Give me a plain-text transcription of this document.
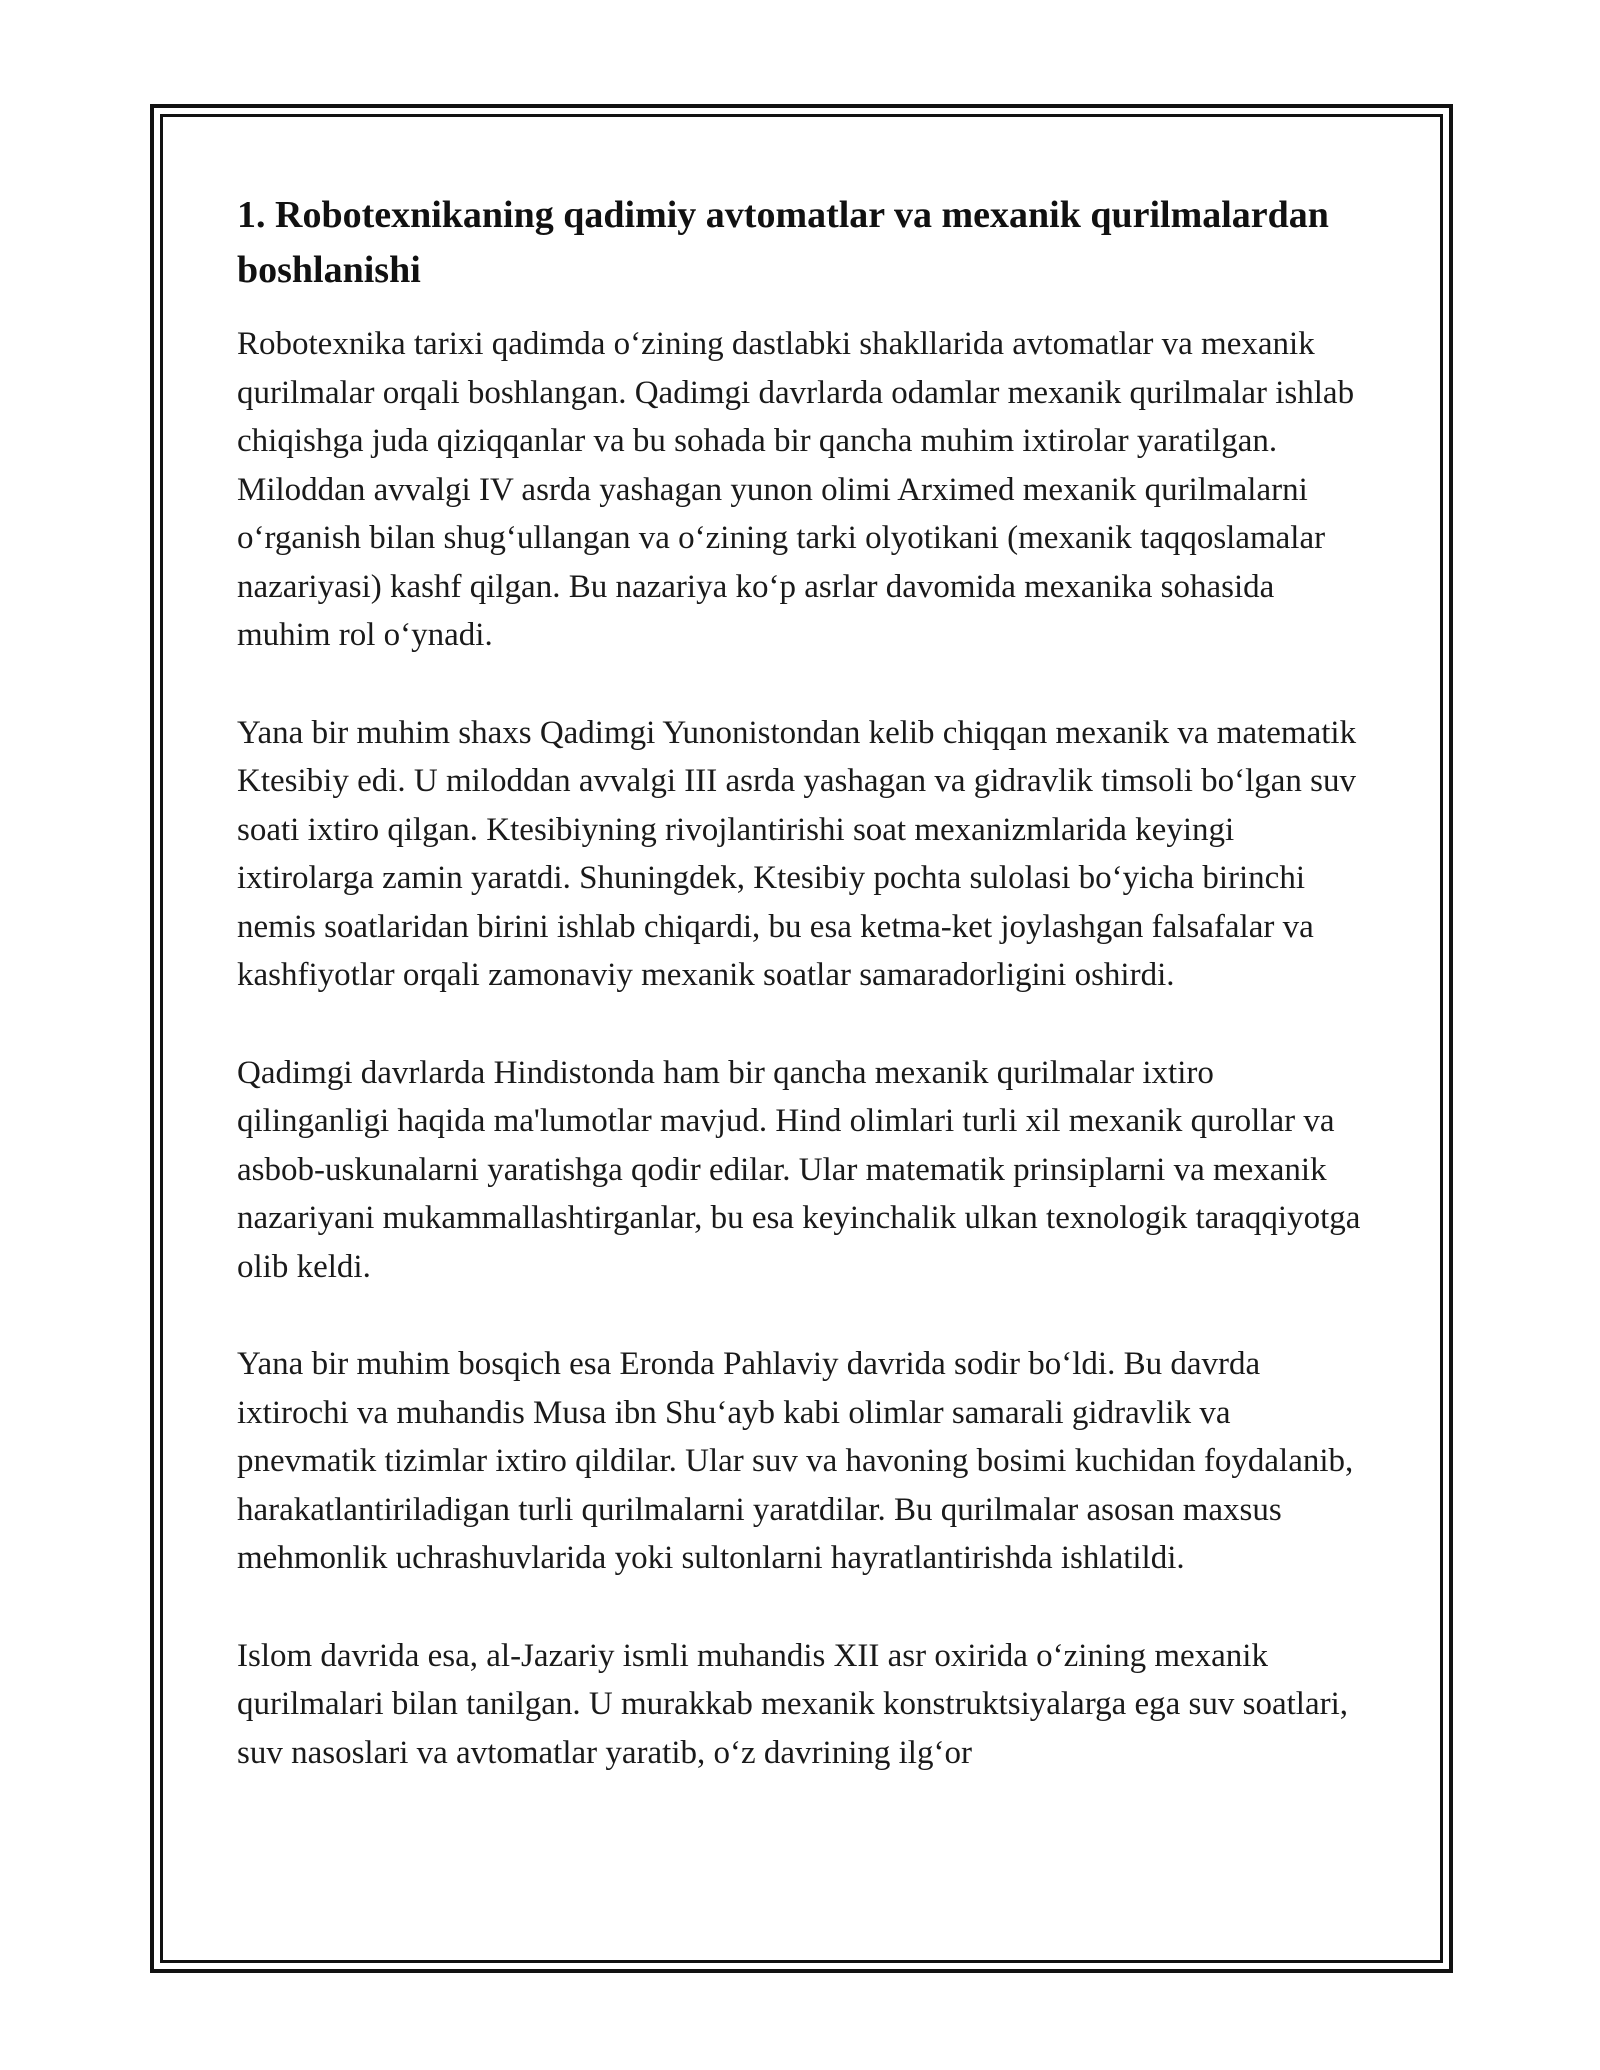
1. Robotexnikaning qadimiy avtomatlar va mexanik qurilmalardan boshlanishi

Robotexnika tarixi qadimda o‘zining dastlabki shakllarida avtomatlar va mexanik qurilmalar orqali boshlangan. Qadimgi davrlarda odamlar mexanik qurilmalar ishlab chiqishga juda qiziqqanlar va bu sohada bir qancha muhim ixtirolar yaratilgan. Miloddan avvalgi IV asrda yashagan yunon olimi Arximed mexanik qurilmalarni o‘rganish bilan shug‘ullangan va o‘zining tarki olyotikani (mexanik taqqoslamalar nazariyasi) kashf qilgan. Bu nazariya ko‘p asrlar davomida mexanika sohasida muhim rol o‘ynadi.

Yana bir muhim shaxs Qadimgi Yunonistondan kelib chiqqan mexanik va matematik Ktesibiy edi. U miloddan avvalgi III asrda yashagan va gidravlik timsoli bo‘lgan suv soati ixtiro qilgan. Ktesibiyning rivojlantirishi soat mexanizmlarida keyingi ixtirolarga zamin yaratdi. Shuningdek, Ktesibiy pochta sulolasi bo‘yicha birinchi nemis soatlaridan birini ishlab chiqardi, bu esa ketma-ket joylashgan falsafalar va kashfiyotlar orqali zamonaviy mexanik soatlar samaradorligini oshirdi.

Qadimgi davrlarda Hindistonda ham bir qancha mexanik qurilmalar ixtiro qilinganligi haqida ma'lumotlar mavjud. Hind olimlari turli xil mexanik qurollar va asbob-uskunalarni yaratishga qodir edilar. Ular matematik prinsiplarni va mexanik nazariyani mukammallashtirganlar, bu esa keyinchalik ulkan texnologik taraqqiyotga olib keldi.

Yana bir muhim bosqich esa Eronda Pahlaviy davrida sodir bo‘ldi. Bu davrda ixtirochi va muhandis Musa ibn Shu‘ayb kabi olimlar samarali gidravlik va pnevmatik tizimlar ixtiro qildilar. Ular suv va havoning bosimi kuchidan foydalanib, harakatlantiriladigan turli qurilmalarni yaratdilar. Bu qurilmalar asosan maxsus mehmonlik uchrashuvlarida yoki sultonlarni hayratlantirishda ishlatildi.

Islom davrida esa, al-Jazariy ismli muhandis XII asr oxirida o‘zining mexanik qurilmalari bilan tanilgan. U murakkab mexanik konstruktsiyalarga ega suv soatlari, suv nasoslari va avtomatlar yaratib, o‘z davrining ilg‘or
